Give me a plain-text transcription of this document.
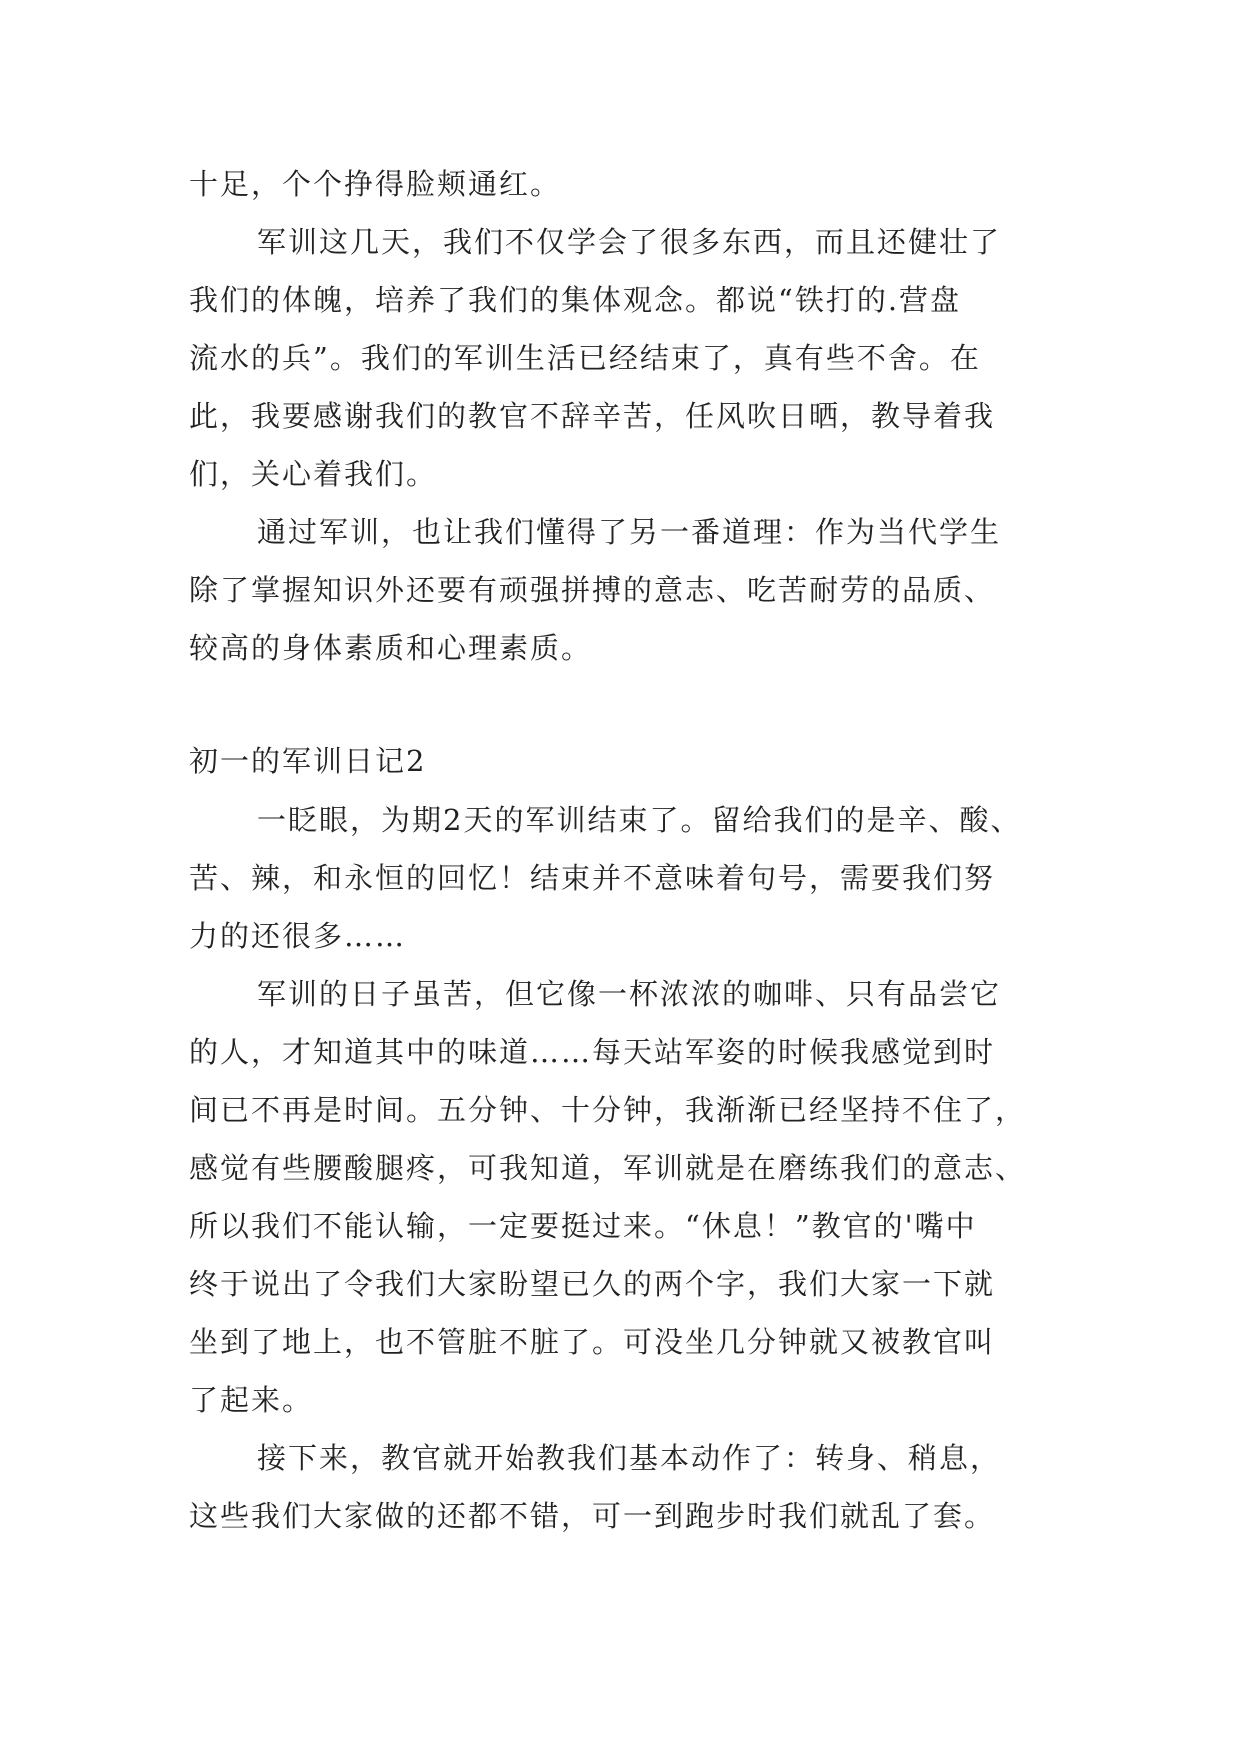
十足，个个挣得脸颊通红。
军训这几天，我们不仅学会了很多东西，而且还健壮了
我们的体魄，培养了我们的集体观念。都说“铁打的.营盘
流水的兵”。我们的军训生活已经结束了，真有些不舍。在
此，我要感谢我们的教官不辞辛苦，任风吹日晒，教导着我
们，关心着我们。
通过军训，也让我们懂得了另一番道理：作为当代学生
除了掌握知识外还要有顽强拼搏的意志、吃苦耐劳的品质、
较高的身体素质和心理素质。
初一的军训日记2
一眨眼，为期2天的军训结束了。留给我们的是辛、酸、
苦、辣，和永恒的回忆！结束并不意味着句号，需要我们努
力的还很多……
军训的日子虽苦，但它像一杯浓浓的咖啡、只有品尝它
的人，才知道其中的味道……每天站军姿的时候我感觉到时
间已不再是时间。五分钟、十分钟，我渐渐已经坚持不住了，
感觉有些腰酸腿疼，可我知道，军训就是在磨练我们的意志、
所以我们不能认输，一定要挺过来。“休息！”教官的'嘴中
终于说出了令我们大家盼望已久的两个字，我们大家一下就
坐到了地上，也不管脏不脏了。可没坐几分钟就又被教官叫
了起来。
接下来，教官就开始教我们基本动作了：转身、稍息，
这些我们大家做的还都不错，可一到跑步时我们就乱了套。
